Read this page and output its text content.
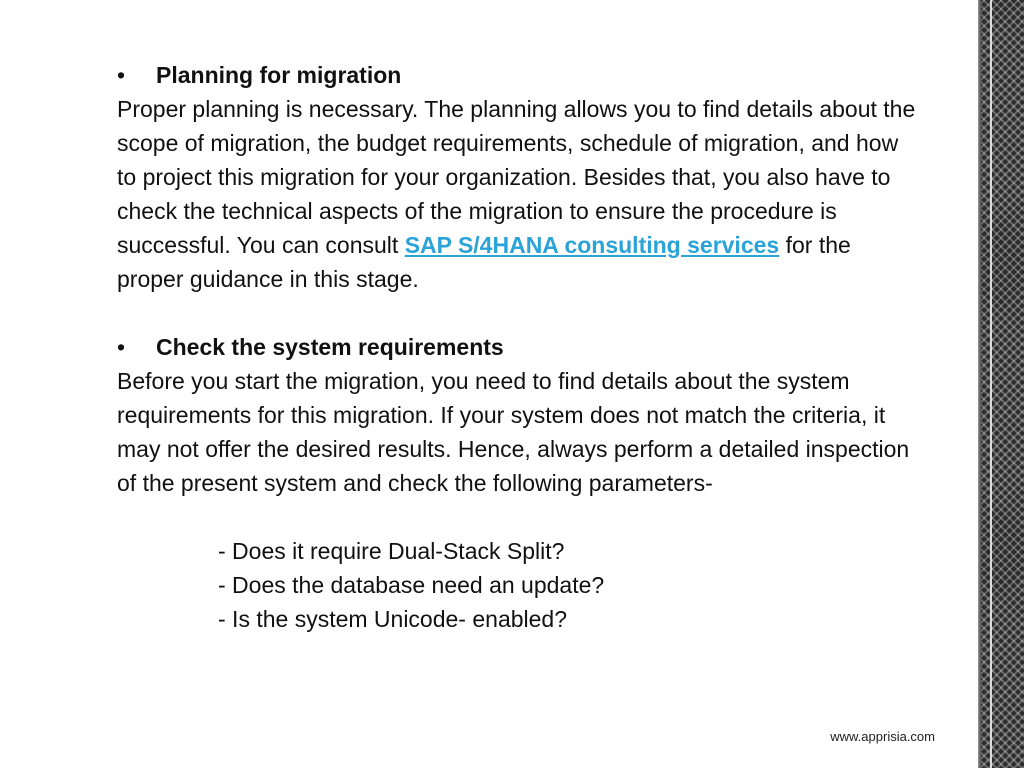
•	Planning for migration

Proper planning is necessary. The planning allows you to find details about the scope of migration, the budget requirements, schedule of migration, and how to project this migration for your organization. Besides that, you also have to check the technical aspects of the migration to ensure the procedure is successful. You can consult SAP S/4HANA consulting services for the proper guidance in this stage.

•	Check the system requirements

Before you start the migration, you need to find details about the system requirements for this migration. If your system does not match the criteria, it may not offer the desired results. Hence, always perform a detailed inspection of the present system and check the following parameters-

- Does it require Dual-Stack Split?
- Does the database need an update?
- Is the system Unicode- enabled?
www.apprisia.com
